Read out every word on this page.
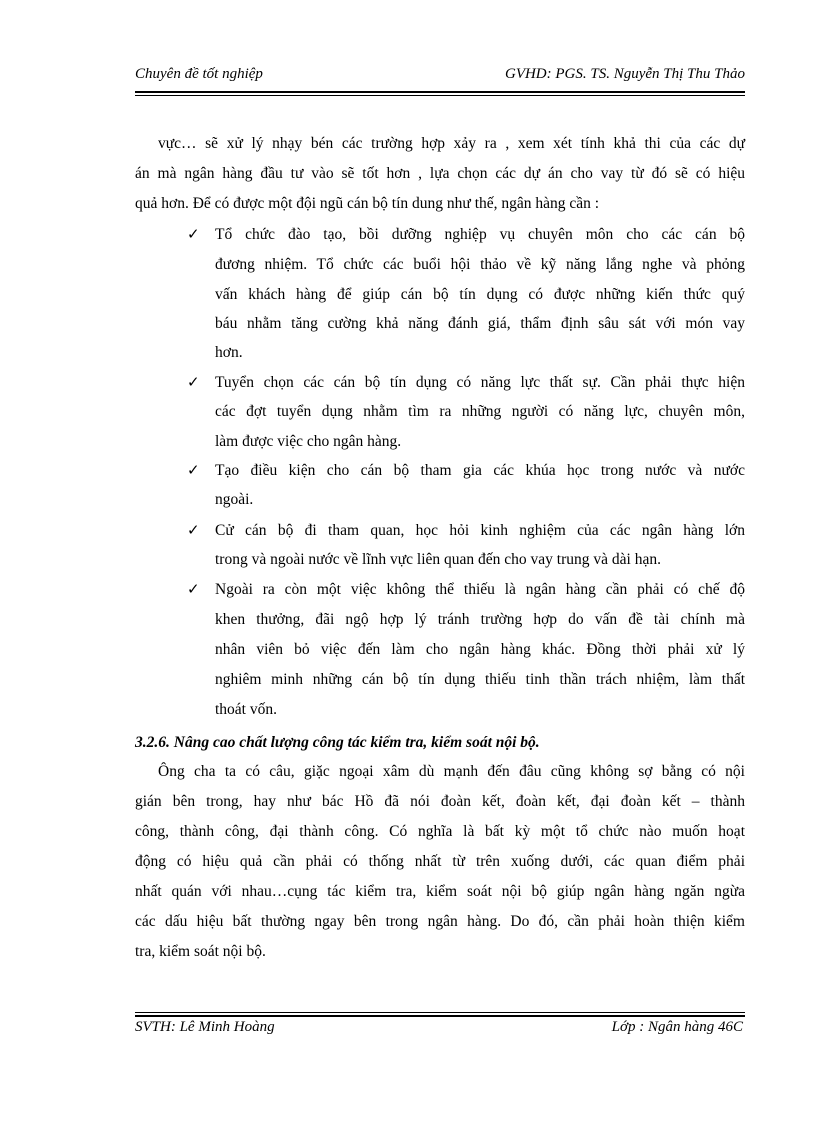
Chuyên đề tốt nghiệp	GVHD: PGS. TS. Nguyễn Thị Thu Thảo
vực… sẽ xử lý nhạy bén các trường hợp xảy ra , xem xét tính khả thi của các dự
án mà ngân hàng đầu tư vào sẽ tốt hơn , lựa chọn các dự án cho vay từ đó sẽ có hiệu
quả hơn. Để có được một đội ngũ cán bộ tín dung như thế, ngân hàng cần :
✓ Tổ chức đào tạo, bồi dưỡng nghiệp vụ chuyên môn cho các cán bộ
đương nhiệm. Tổ chức các buổi hội thảo về kỹ năng lắng nghe và phỏng
vấn khách hàng để giúp cán bộ tín dụng có được những kiến thức quý
báu nhằm tăng cường khả năng đánh giá, thẩm định sâu sát với món vay
hơn.
✓ Tuyển chọn các cán bộ tín dụng có năng lực thất sự. Cần phải thực hiện
các đợt tuyển dụng nhằm tìm ra những người có năng lực, chuyên môn,
làm được việc cho ngân hàng.
✓ Tạo điều kiện cho cán bộ tham gia các khúa học trong nước và nước
ngoài.
✓ Cử cán bộ đi tham quan, học hỏi kinh nghiệm của các ngân hàng lớn
trong và ngoài nước về lĩnh vực liên quan đến cho vay trung và dài hạn.
✓ Ngoài ra còn một việc không thể thiếu là ngân hàng cần phải có chế độ
khen thưởng, đãi ngộ hợp lý tránh trường hợp do vấn đề tài chính mà
nhân viên bỏ việc đến làm cho ngân hàng khác. Đồng thời phải xử lý
nghiêm minh những cán bộ tín dụng thiếu tinh thần trách nhiệm, làm thất
thoát vốn.
3.2.6. Nâng cao chất lượng công tác kiểm tra, kiểm soát nội bộ.
Ông cha ta có câu, giặc ngoại xâm dù mạnh đến đâu cũng không sợ bằng có nội
gián bên trong, hay như bác Hồ đã nói đoàn kết, đoàn kết, đại đoàn kết – thành
công, thành công, đại thành công. Có nghĩa là bất kỳ một tổ chức nào muốn hoạt
động có hiệu quả cần phải có thống nhất từ trên xuống dưới, các quan điểm phải
nhất quán với nhau…cụng tác kiểm tra, kiểm soát nội bộ giúp ngân hàng ngăn ngừa
các dấu hiệu bất thường ngay bên trong ngân hàng. Do đó, cần phải hoàn thiện kiểm
tra, kiểm soát nội bộ.
SVTH: Lê Minh Hoàng	Lớp : Ngân hàng 46C
